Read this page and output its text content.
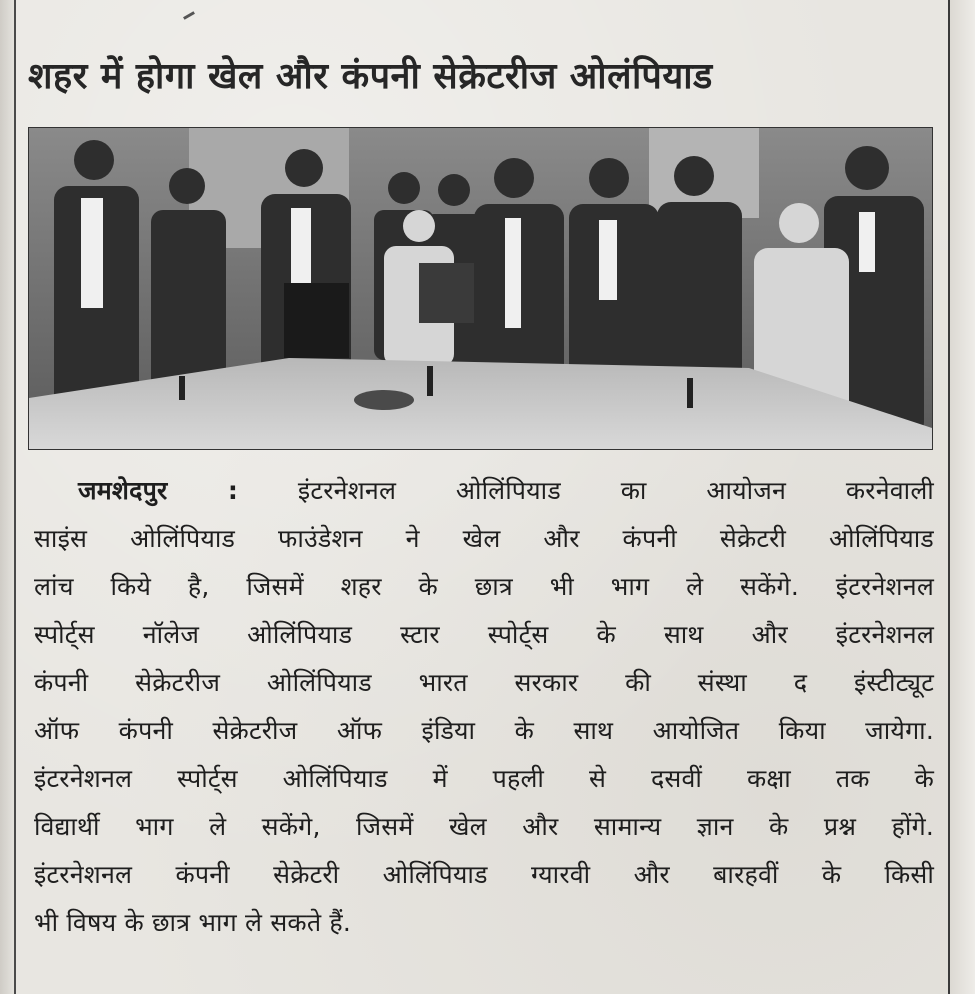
शहर में होगा खेल और कंपनी सेक्रेटरीज ओलंपियाड
जमशेदपुर : इंटरनेशनल ओलिंपियाड का आयोजन करनेवाली
साइंस ओलिंपियाड फाउंडेशन ने खेल और कंपनी सेक्रेटरी ओलिंपियाड
लांच किये है, जिसमें शहर के छात्र भी भाग ले सकेंगे. इंटरनेशनल
स्पोर्ट्स नॉलेज ओलिंपियाड स्टार स्पोर्ट्स के साथ और इंटरनेशनल
कंपनी सेक्रेटरीज ओलिंपियाड भारत सरकार की संस्था द इंस्टीट्यूट
ऑफ कंपनी सेक्रेटरीज ऑफ इंडिया के साथ आयोजित किया जायेगा.
इंटरनेशनल स्पोर्ट्स ओलिंपियाड में पहली से दसवीं कक्षा तक के
विद्यार्थी भाग ले सकेंगे, जिसमें खेल और सामान्य ज्ञान के प्रश्न होंगे.
इंटरनेशनल कंपनी सेक्रेटरी ओलिंपियाड ग्यारवी और बारहवीं के किसी
भी विषय के छात्र भाग ले सकते हैं.
